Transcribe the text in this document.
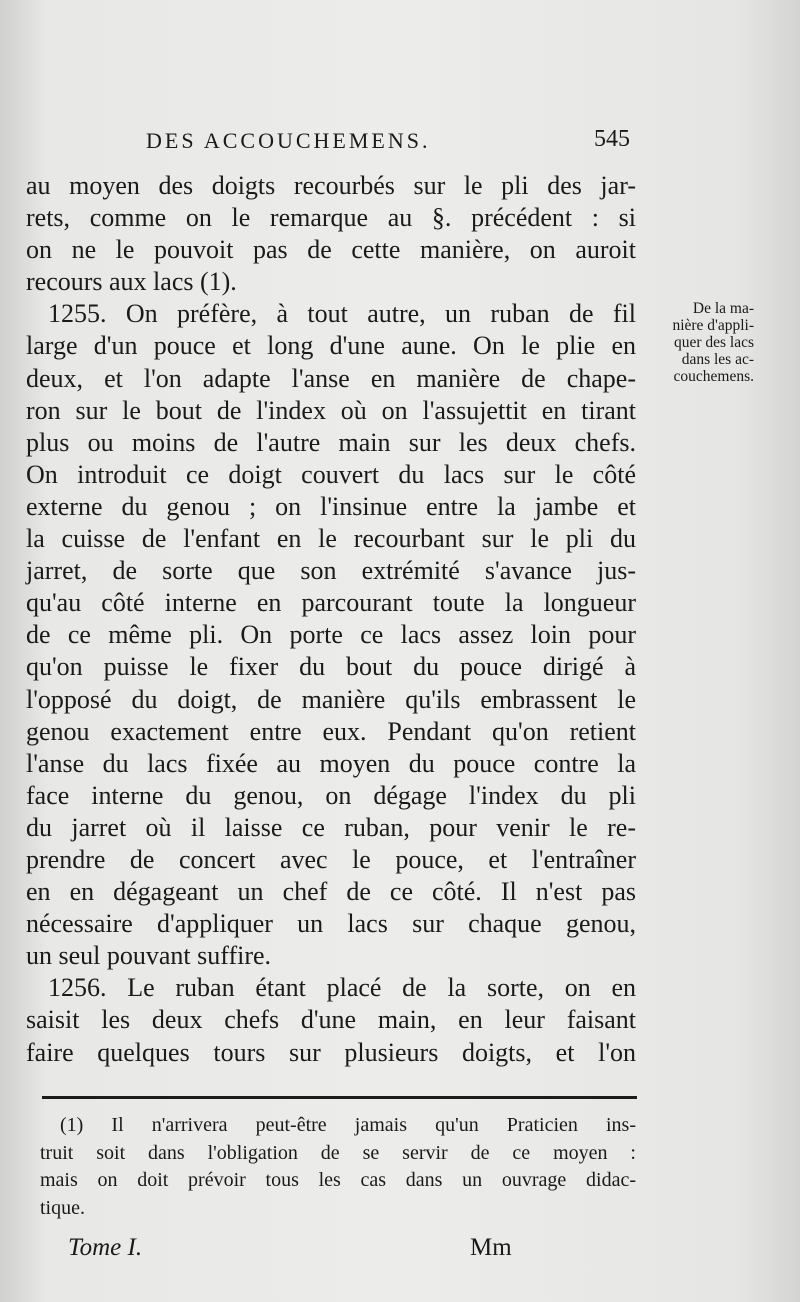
DES ACCOUCHEMENS.	545
au moyen des doigts recourbés sur le pli des jar-
rets, comme on le remarque au §. précédent : si
on ne le pouvoit pas de cette manière, on auroit
recours aux lacs (1).
1255. On préfère, à tout autre, un ruban de fil
large d'un pouce et long d'une aune. On le plie en
deux, et l'on adapte l'anse en manière de chape-
ron sur le bout de l'index où on l'assujettit en tirant
plus ou moins de l'autre main sur les deux chefs.
On introduit ce doigt couvert du lacs sur le côté
externe du genou ; on l'insinue entre la jambe et
la cuisse de l'enfant en le recourbant sur le pli du
jarret, de sorte que son extrémité s'avance jus-
qu'au côté interne en parcourant toute la longueur
de ce même pli. On porte ce lacs assez loin pour
qu'on puisse le fixer du bout du pouce dirigé à
l'opposé du doigt, de manière qu'ils embrassent le
genou exactement entre eux. Pendant qu'on retient
l'anse du lacs fixée au moyen du pouce contre la
face interne du genou, on dégage l'index du pli
du jarret où il laisse ce ruban, pour venir le re-
prendre de concert avec le pouce, et l'entraîner
en en dégageant un chef de ce côté. Il n'est pas
nécessaire d'appliquer un lacs sur chaque genou,
un seul pouvant suffire.
1256. Le ruban étant placé de la sorte, on en
saisit les deux chefs d'une main, en leur faisant
faire quelques tours sur plusieurs doigts, et l'on
De la ma-
nière d'appli-
quer des lacs
dans les ac-
couchemens.
(1) Il n'arrivera peut-être jamais qu'un Praticien ins-
truit soit dans l'obligation de se servir de ce moyen :
mais on doit prévoir tous les cas dans un ouvrage didac-
tique.
Tome I.	Mm
